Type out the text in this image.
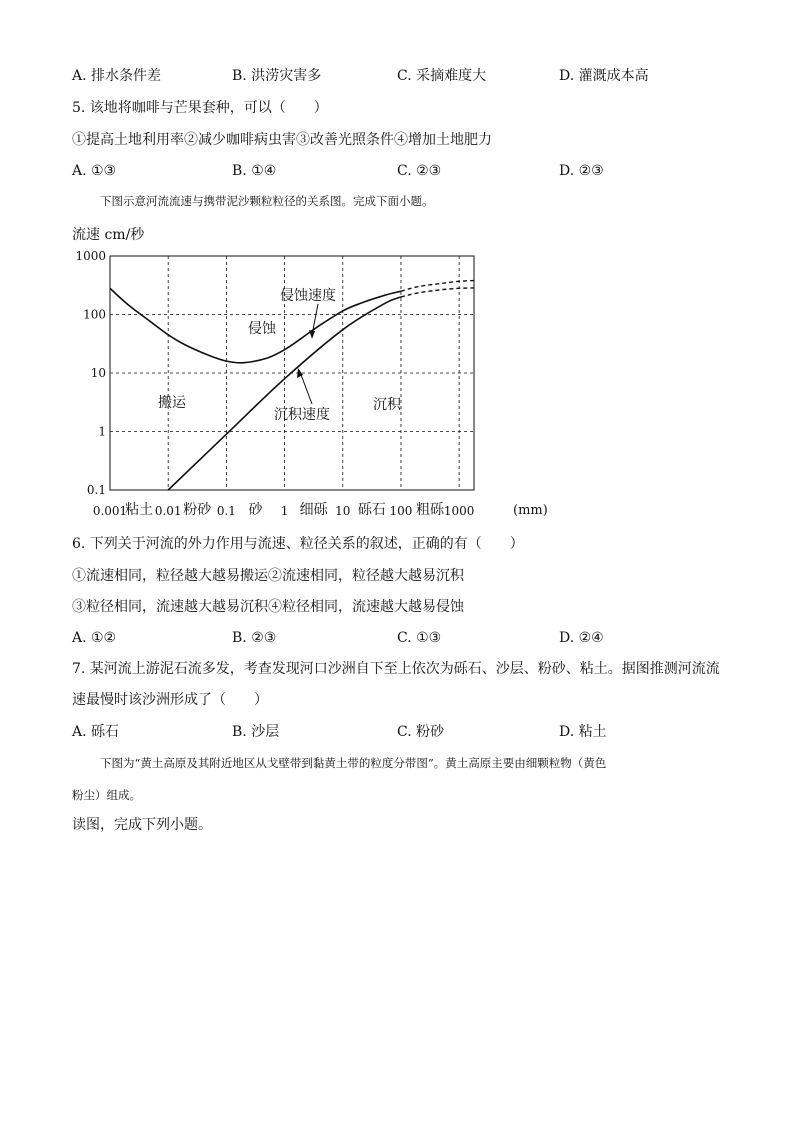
A. 排水条件差	B. 洪涝灾害多	C. 采摘难度大	D. 灌溉成本高
5. 该地将咖啡与芒果套种，可以（　　）
①提高土地利用率②减少咖啡病虫害③改善光照条件④增加土地肥力
A. ①③	B. ①④	C. ②③	D. ②③
下图示意河流流速与携带泥沙颗粒粒径的关系图。完成下面小题。
流速 cm/秒
1000
100
10
1
0.1
0.001 0.01	0.1	1	10	100	1000
粘土 粉砂	砂	细砾 砾石 粗砾
侵蚀
搬运	沉积
侵蚀速度
沉积速度
(mm)
6. 下列关于河流的外力作用与流速、粒径关系的叙述，正确的有（　　）
①流速相同，粒径越大越易搬运②流速相同，粒径越大越易沉积
③粒径相同，流速越大越易沉积④粒径相同，流速越大越易侵蚀
A. ①②	B. ②③	C. ①③	D. ②④
7. 某河流上游泥石流多发，考查发现河口沙洲自下至上依次为砾石、沙层、粉砂、粘土。据图推测河流流
速最慢时该沙洲形成了（　　）
A. 砾石	B. 沙层	C. 粉砂	D. 粘土
下图为“黄土高原及其附近地区从戈壁带到黏黄土带的粒度分带图”。黄土高原主要由细颗粒物（黄色
粉尘）组成。
读图，完成下列小题。
